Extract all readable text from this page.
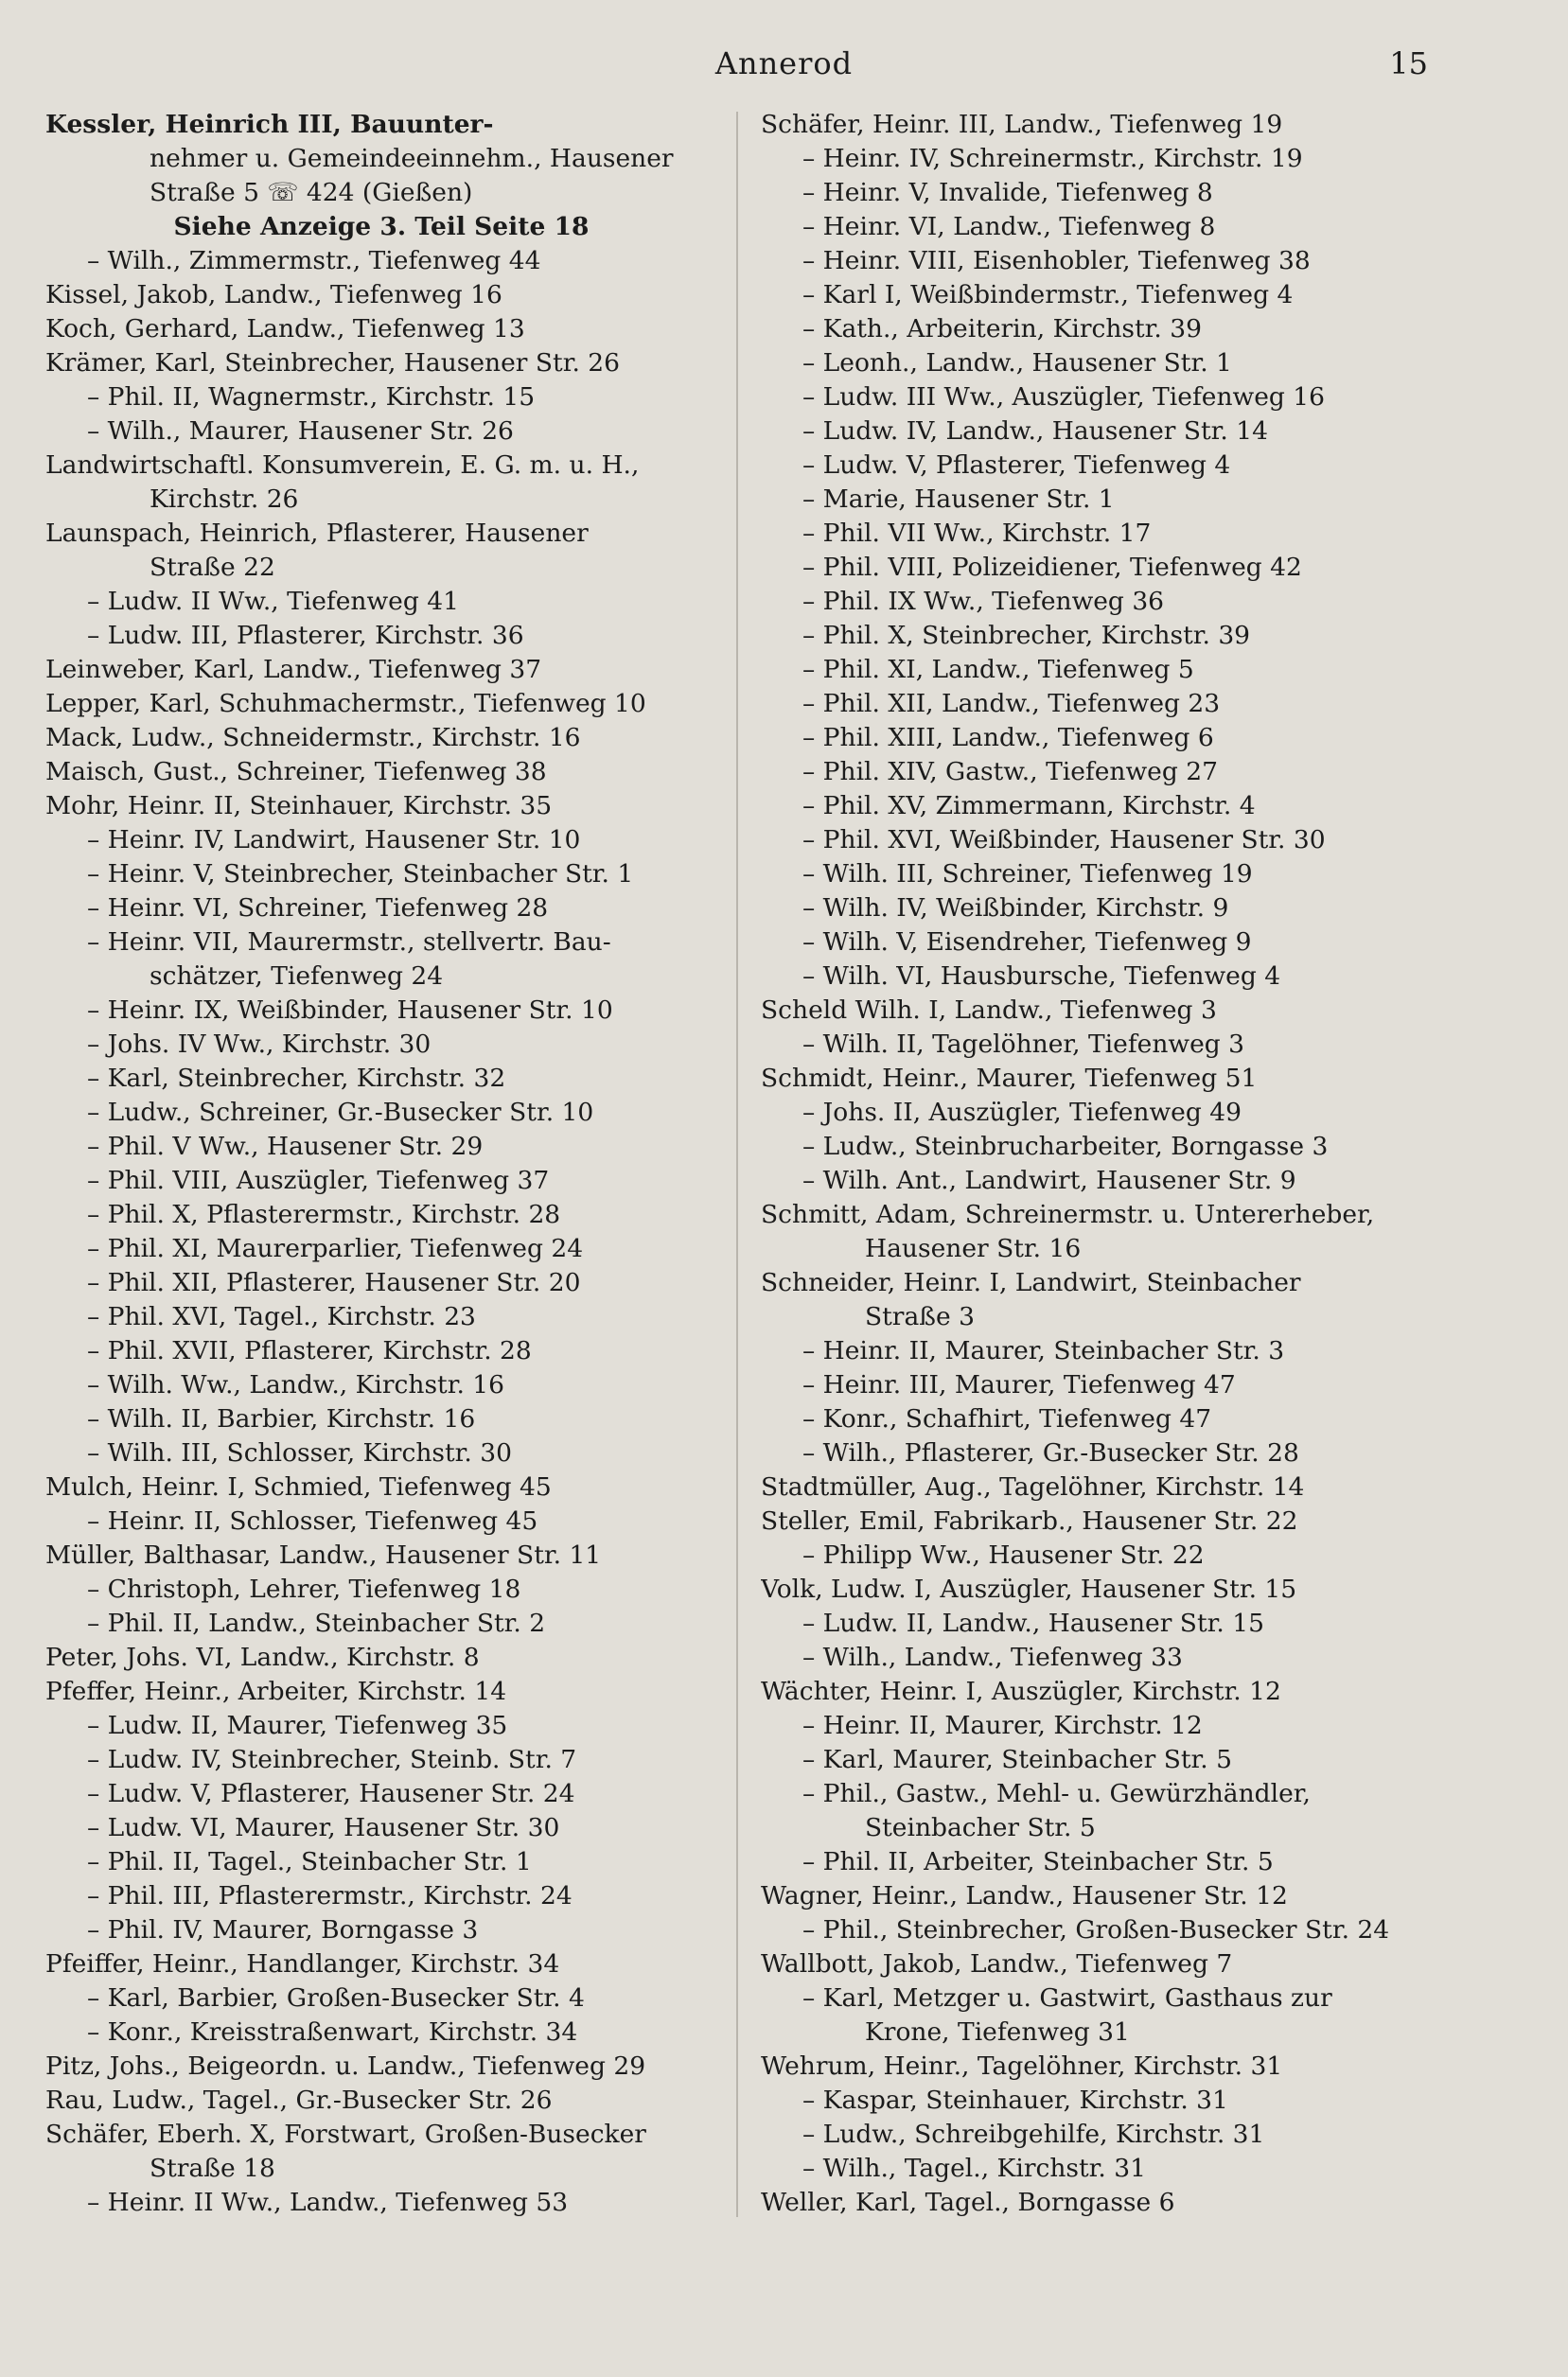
Annerod	15
Kessler, Heinrich III, Bauunter-
nehmer u. Gemeindeeinnehm., Hausener
Straße 5 ☏ 424 (Gießen)
Siehe Anzeige 3. Teil Seite 18
– Wilh., Zimmermstr., Tiefenweg 44
Kissel, Jakob, Landw., Tiefenweg 16
Koch, Gerhard, Landw., Tiefenweg 13
Krämer, Karl, Steinbrecher, Hausener Str. 26
– Phil. II, Wagnermstr., Kirchstr. 15
– Wilh., Maurer, Hausener Str. 26
Landwirtschaftl. Konsumverein, E. G. m. u. H.,
Kirchstr. 26
Launspach, Heinrich, Pflasterer, Hausener
Straße 22
– Ludw. II Ww., Tiefenweg 41
– Ludw. III, Pflasterer, Kirchstr. 36
Leinweber, Karl, Landw., Tiefenweg 37
Lepper, Karl, Schuhmachermstr., Tiefenweg 10
Mack, Ludw., Schneidermstr., Kirchstr. 16
Maisch, Gust., Schreiner, Tiefenweg 38
Mohr, Heinr. II, Steinhauer, Kirchstr. 35
– Heinr. IV, Landwirt, Hausener Str. 10
– Heinr. V, Steinbrecher, Steinbacher Str. 1
– Heinr. VI, Schreiner, Tiefenweg 28
– Heinr. VII, Maurermstr., stellvertr. Bau-
schätzer, Tiefenweg 24
– Heinr. IX, Weißbinder, Hausener Str. 10
– Johs. IV Ww., Kirchstr. 30
– Karl, Steinbrecher, Kirchstr. 32
– Ludw., Schreiner, Gr.-Busecker Str. 10
– Phil. V Ww., Hausener Str. 29
– Phil. VIII, Auszügler, Tiefenweg 37
– Phil. X, Pflasterermstr., Kirchstr. 28
– Phil. XI, Maurerparlier, Tiefenweg 24
– Phil. XII, Pflasterer, Hausener Str. 20
– Phil. XVI, Tagel., Kirchstr. 23
– Phil. XVII, Pflasterer, Kirchstr. 28
– Wilh. Ww., Landw., Kirchstr. 16
– Wilh. II, Barbier, Kirchstr. 16
– Wilh. III, Schlosser, Kirchstr. 30
Mulch, Heinr. I, Schmied, Tiefenweg 45
– Heinr. II, Schlosser, Tiefenweg 45
Müller, Balthasar, Landw., Hausener Str. 11
– Christoph, Lehrer, Tiefenweg 18
– Phil. II, Landw., Steinbacher Str. 2
Peter, Johs. VI, Landw., Kirchstr. 8
Pfeffer, Heinr., Arbeiter, Kirchstr. 14
– Ludw. II, Maurer, Tiefenweg 35
– Ludw. IV, Steinbrecher, Steinb. Str. 7
– Ludw. V, Pflasterer, Hausener Str. 24
– Ludw. VI, Maurer, Hausener Str. 30
– Phil. II, Tagel., Steinbacher Str. 1
– Phil. III, Pflasterermstr., Kirchstr. 24
– Phil. IV, Maurer, Borngasse 3
Pfeiffer, Heinr., Handlanger, Kirchstr. 34
– Karl, Barbier, Großen-Busecker Str. 4
– Konr., Kreisstraßenwart, Kirchstr. 34
Pitz, Johs., Beigeordn. u. Landw., Tiefenweg 29
Rau, Ludw., Tagel., Gr.-Busecker Str. 26
Schäfer, Eberh. X, Forstwart, Großen-Busecker
Straße 18
– Heinr. II Ww., Landw., Tiefenweg 53
Schäfer, Heinr. III, Landw., Tiefenweg 19
– Heinr. IV, Schreinermstr., Kirchstr. 19
– Heinr. V, Invalide, Tiefenweg 8
– Heinr. VI, Landw., Tiefenweg 8
– Heinr. VIII, Eisenhobler, Tiefenweg 38
– Karl I, Weißbindermstr., Tiefenweg 4
– Kath., Arbeiterin, Kirchstr. 39
– Leonh., Landw., Hausener Str. 1
– Ludw. III Ww., Auszügler, Tiefenweg 16
– Ludw. IV, Landw., Hausener Str. 14
– Ludw. V, Pflasterer, Tiefenweg 4
– Marie, Hausener Str. 1
– Phil. VII Ww., Kirchstr. 17
– Phil. VIII, Polizeidiener, Tiefenweg 42
– Phil. IX Ww., Tiefenweg 36
– Phil. X, Steinbrecher, Kirchstr. 39
– Phil. XI, Landw., Tiefenweg 5
– Phil. XII, Landw., Tiefenweg 23
– Phil. XIII, Landw., Tiefenweg 6
– Phil. XIV, Gastw., Tiefenweg 27
– Phil. XV, Zimmermann, Kirchstr. 4
– Phil. XVI, Weißbinder, Hausener Str. 30
– Wilh. III, Schreiner, Tiefenweg 19
– Wilh. IV, Weißbinder, Kirchstr. 9
– Wilh. V, Eisendreher, Tiefenweg 9
– Wilh. VI, Hausbursche, Tiefenweg 4
Scheld Wilh. I, Landw., Tiefenweg 3
– Wilh. II, Tagelöhner, Tiefenweg 3
Schmidt, Heinr., Maurer, Tiefenweg 51
– Johs. II, Auszügler, Tiefenweg 49
– Ludw., Steinbrucharbeiter, Borngasse 3
– Wilh. Ant., Landwirt, Hausener Str. 9
Schmitt, Adam, Schreinermstr. u. Untererheber,
Hausener Str. 16
Schneider, Heinr. I, Landwirt, Steinbacher
Straße 3
– Heinr. II, Maurer, Steinbacher Str. 3
– Heinr. III, Maurer, Tiefenweg 47
– Konr., Schafhirt, Tiefenweg 47
– Wilh., Pflasterer, Gr.-Busecker Str. 28
Stadtmüller, Aug., Tagelöhner, Kirchstr. 14
Steller, Emil, Fabrikarb., Hausener Str. 22
– Philipp Ww., Hausener Str. 22
Volk, Ludw. I, Auszügler, Hausener Str. 15
– Ludw. II, Landw., Hausener Str. 15
– Wilh., Landw., Tiefenweg 33
Wächter, Heinr. I, Auszügler, Kirchstr. 12
– Heinr. II, Maurer, Kirchstr. 12
– Karl, Maurer, Steinbacher Str. 5
– Phil., Gastw., Mehl- u. Gewürzhändler,
Steinbacher Str. 5
– Phil. II, Arbeiter, Steinbacher Str. 5
Wagner, Heinr., Landw., Hausener Str. 12
– Phil., Steinbrecher, Großen-Busecker Str. 24
Wallbott, Jakob, Landw., Tiefenweg 7
– Karl, Metzger u. Gastwirt, Gasthaus zur
Krone, Tiefenweg 31
Wehrum, Heinr., Tagelöhner, Kirchstr. 31
– Kaspar, Steinhauer, Kirchstr. 31
– Ludw., Schreibgehilfe, Kirchstr. 31
– Wilh., Tagel., Kirchstr. 31
Weller, Karl, Tagel., Borngasse 6
